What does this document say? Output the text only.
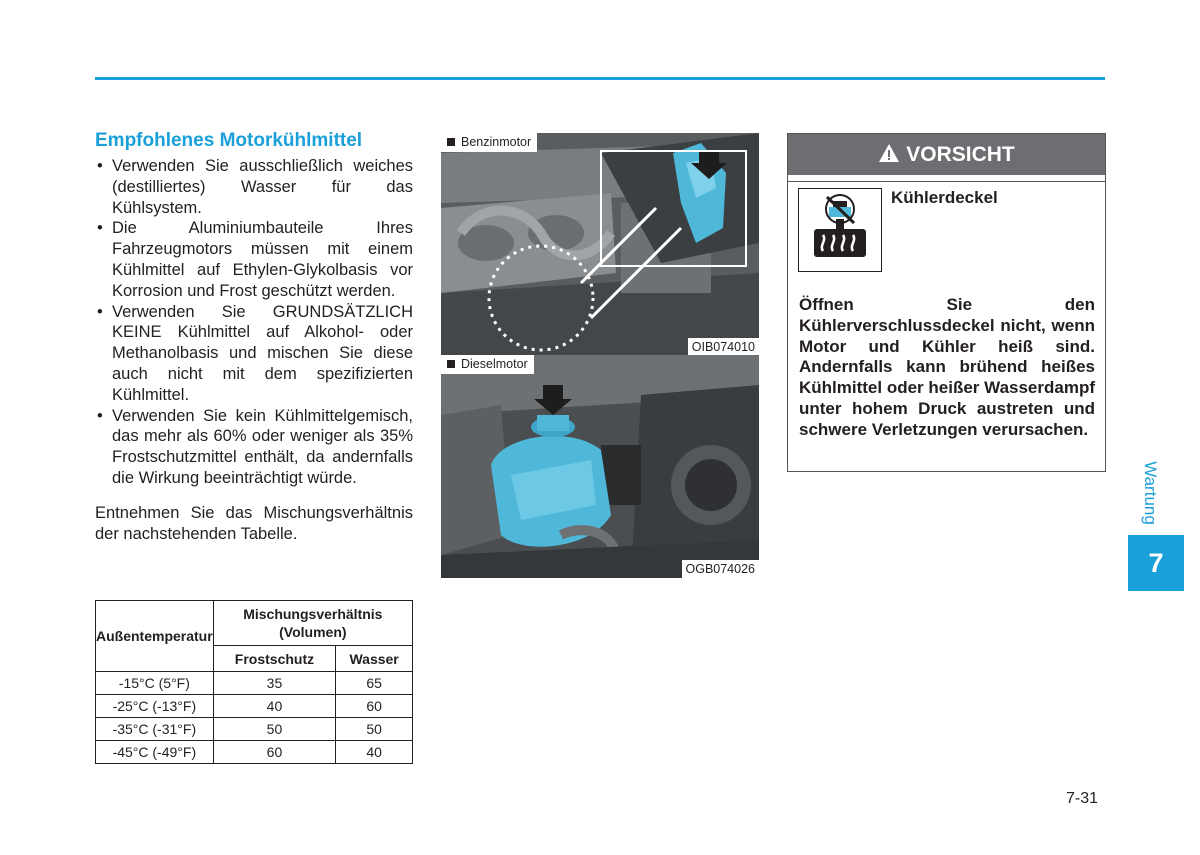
Empfohlenes Motorkühlmittel
• Verwenden Sie ausschließlich weiches (destilliertes) Wasser für das Kühlsystem.
• Die Aluminiumbauteile Ihres Fahrzeugmotors müssen mit einem Kühlmittel auf Ethylen-Glykolbasis vor Korrosion und Frost geschützt werden.
• Verwenden Sie GRUNDSÄTZLICH KEINE Kühlmittel auf Alkohol- oder Methanolbasis und mischen Sie diese auch nicht mit dem spezifizierten Kühlmittel.
• Verwenden Sie kein Kühlmittelgemisch, das mehr als 60% oder weniger als 35% Frostschutzmittel enthält, da andernfalls die Wirkung beeinträchtigt würde.

Entnehmen Sie das Mischungsverhältnis der nachstehenden Tabelle.

Außentemperatur	Mischungsverhältnis (Volumen)	
	Frostschutz	Wasser
-15°C (5°F)	35	65
-25°C (-13°F)	40	60
-35°C (-31°F)	50	50
-45°C (-49°F)	60	40
Benzinmotor
OIB074010
Dieselmotor
OGB074026
VORSICHT
Kühlerdeckel
Öffnen Sie den Kühlerverschlussdeckel nicht, wenn Motor und Kühler heiß sind. Andernfalls kann brühend heißes Kühlmittel oder heißer Wasserdampf unter hohem Druck austreten und schwere Verletzungen verursachen.
Wartung
7
7-31
